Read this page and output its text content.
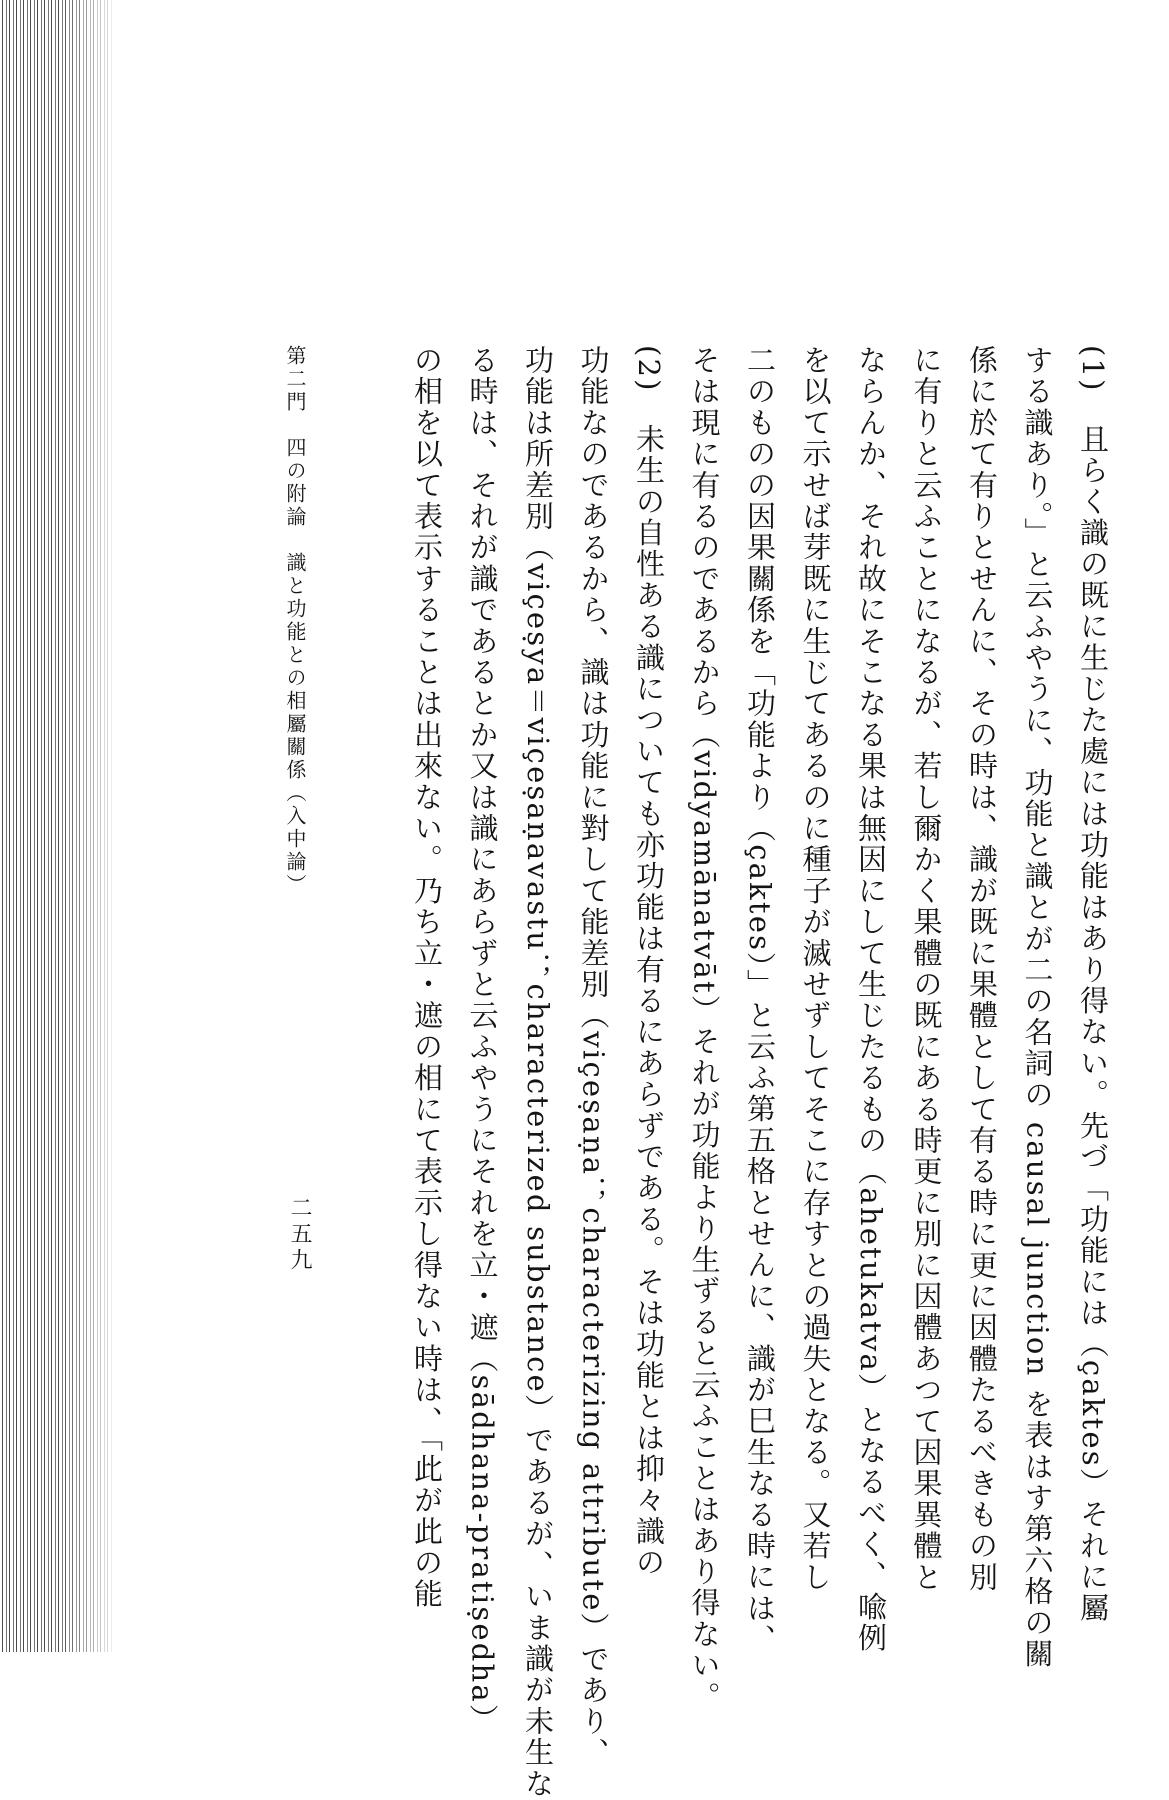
(1)　且らく識の既に生じた處には功能はあり得ない。先づ「功能には（çaktes）それに屬
する識あり。」と云ふやうに、功能と識とが二の名詞の causal junction を表はす第六格の關
係に於て有りとせんに、その時は、識が既に果體として有る時に更に因體たるべきもの別
に有りと云ふことになるが、若し爾かく果體の既にある時更に別に因體あつて因果異體と
ならんか、それ故にそこなる果は無因にして生じたるもの（ahetukatva）となるべく、喩例
を以て示せば芽既に生じてあるのに種子が滅せずしてそこに存すとの過失となる。又若し
二のものの因果關係を「功能より（çaktes）」と云ふ第五格とせんに、識が巳生なる時には、
そは現に有るのであるから（vidyamānatvāt）それが功能より生ずると云ふことはあり得ない。
(2)　未生の自性ある識についても亦功能は有るにあらずである。そは功能とは抑々識の
功能なのであるから、識は功能に對して能差別（viçeṣaṇa；characterizing attribute）であり、
功能は所差別（viçeṣya＝viçeṣaṇavastu；characterized substance）であるが、いま識が未生な
る時は、それが識であるとか又は識にあらずと云ふやうにそれを立・遮（sādhana-pratiṣedha）
の相を以て表示することは出來ない。乃ち立・遮の相にて表示し得ない時は、「此が此の能
第二門　四の附論　識と功能との相屬關係（入中論）
二五九
